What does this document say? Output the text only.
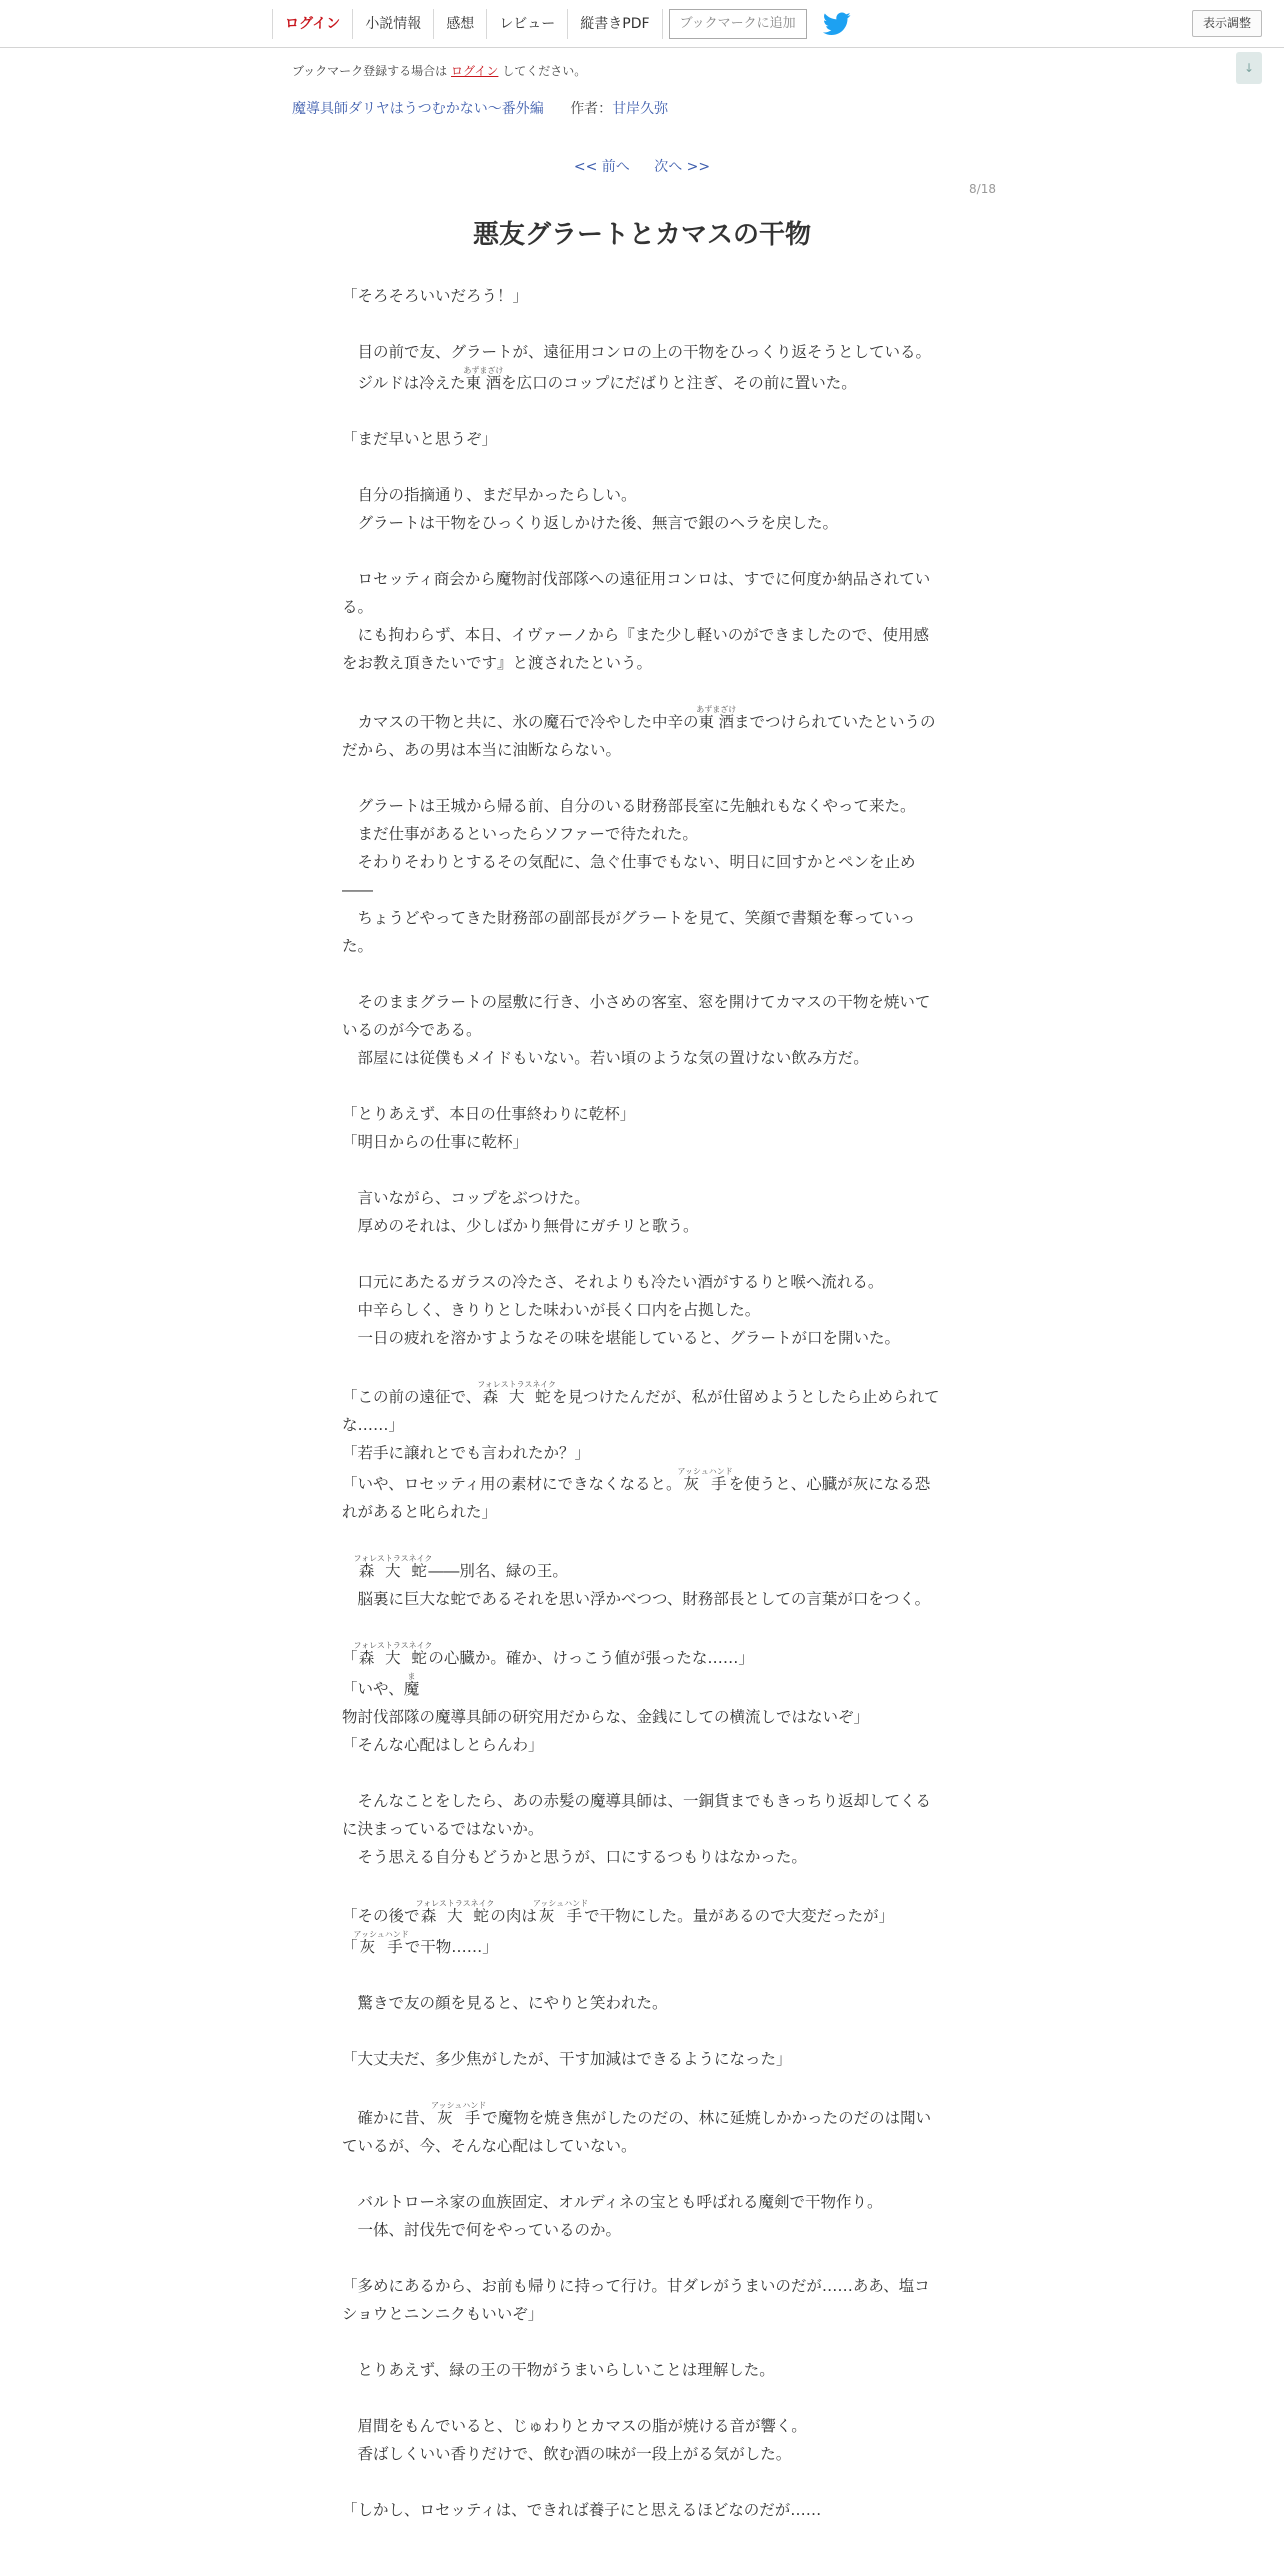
ログイン	小説情報	感想	レビュー	縦書きPDF	ブックマークに追加	表示調整
↓
ブックマーク登録する場合は ログイン してください。
魔導具師ダリヤはうつむかない～番外編 作者：甘岸久弥
<< 前へ 次へ >>
8/18
悪友グラートとカマスの干物

「そろそろいいだろう！」

　目の前で友、グラートが、遠征用コンロの上の干物をひっくり返そうとしている。

　ジルドは冷えた東酒あずまざけを広口のコップにだばりと注ぎ、その前に置いた。

「まだ早いと思うぞ」

　自分の指摘通り、まだ早かったらしい。

　グラートは干物をひっくり返しかけた後、無言で銀のヘラを戻した。

　ロセッティ商会から魔物討伐部隊への遠征用コンロは、すでに何度か納品されている。

　にも拘わらず、本日、イヴァーノから『また少し軽いのができましたので、使用感をお教え頂きたいです』と渡されたという。

　カマスの干物と共に、氷の魔石で冷やした中辛の東酒あずまざけまでつけられていたというのだから、あの男は本当に油断ならない。

　グラートは王城から帰る前、自分のいる財務部長室に先触れもなくやって来た。

　まだ仕事があるといったらソファーで待たれた。

　そわりそわりとするその気配に、急ぐ仕事でもない、明日に回すかとペンを止め――

　ちょうどやってきた財務部の副部長がグラートを見て、笑顔で書類を奪っていった。

　そのままグラートの屋敷に行き、小さめの客室、窓を開けてカマスの干物を焼いているのが今である。

　部屋には従僕もメイドもいない。若い頃のような気の置けない飲み方だ。

「とりあえず、本日の仕事終わりに乾杯」

「明日からの仕事に乾杯」

　言いながら、コップをぶつけた。

　厚めのそれは、少しばかり無骨にガチリと歌う。

　口元にあたるガラスの冷たさ、それよりも冷たい酒がするりと喉へ流れる。

　中辛らしく、きりりとした味わいが長く口内を占拠した。

　一日の疲れを溶かすようなその味を堪能していると、グラートが口を開いた。

「この前の遠征で、森大蛇フォレストラスネイクを見つけたんだが、私が仕留めようとしたら止められてな……」

「若手に譲れとでも言われたか？」

「いや、ロセッティ用の素材にできなくなると。灰手アッシュハンドを使うと、心臓が灰になる恐れがあると叱られた」

　森大蛇フォレストラスネイク――別名、緑の王。

　脳裏に巨大な蛇であるそれを思い浮かべつつ、財務部長としての言葉が口をつく。

「森大蛇フォレストラスネイクの心臓か。確か、けっこう値が張ったな……」

「いや、魔ま物討伐部隊の魔導具師の研究用だからな、金銭にしての横流しではないぞ」

「そんな心配はしとらんわ」

　そんなことをしたら、あの赤髪の魔導具師は、一銅貨までもきっちり返却してくるに決まっているではないか。

　そう思える自分もどうかと思うが、口にするつもりはなかった。

「その後で森大蛇フォレストラスネイクの肉は灰手アッシュハンドで干物にした。量があるので大変だったが」

「灰手アッシュハンドで干物……」

　驚きで友の顔を見ると、にやりと笑われた。

「大丈夫だ、多少焦がしたが、干す加減はできるようになった」

　確かに昔、灰手アッシュハンドで魔物を焼き焦がしたのだの、林に延焼しかかったのだのは聞いているが、今、そんな心配はしていない。

　バルトローネ家の血族固定、オルディネの宝とも呼ばれる魔剣で干物作り。

　一体、討伐先で何をやっているのか。

「多めにあるから、お前も帰りに持って行け。甘ダレがうまいのだが……ああ、塩コショウとニンニクもいいぞ」

　とりあえず、緑の王の干物がうまいらしいことは理解した。

　眉間をもんでいると、じゅわりとカマスの脂が焼ける音が響く。

　香ばしくいい香りだけで、飲む酒の味が一段上がる気がした。

「しかし、ロセッティは、できれば養子にと思えるほどなのだが……
